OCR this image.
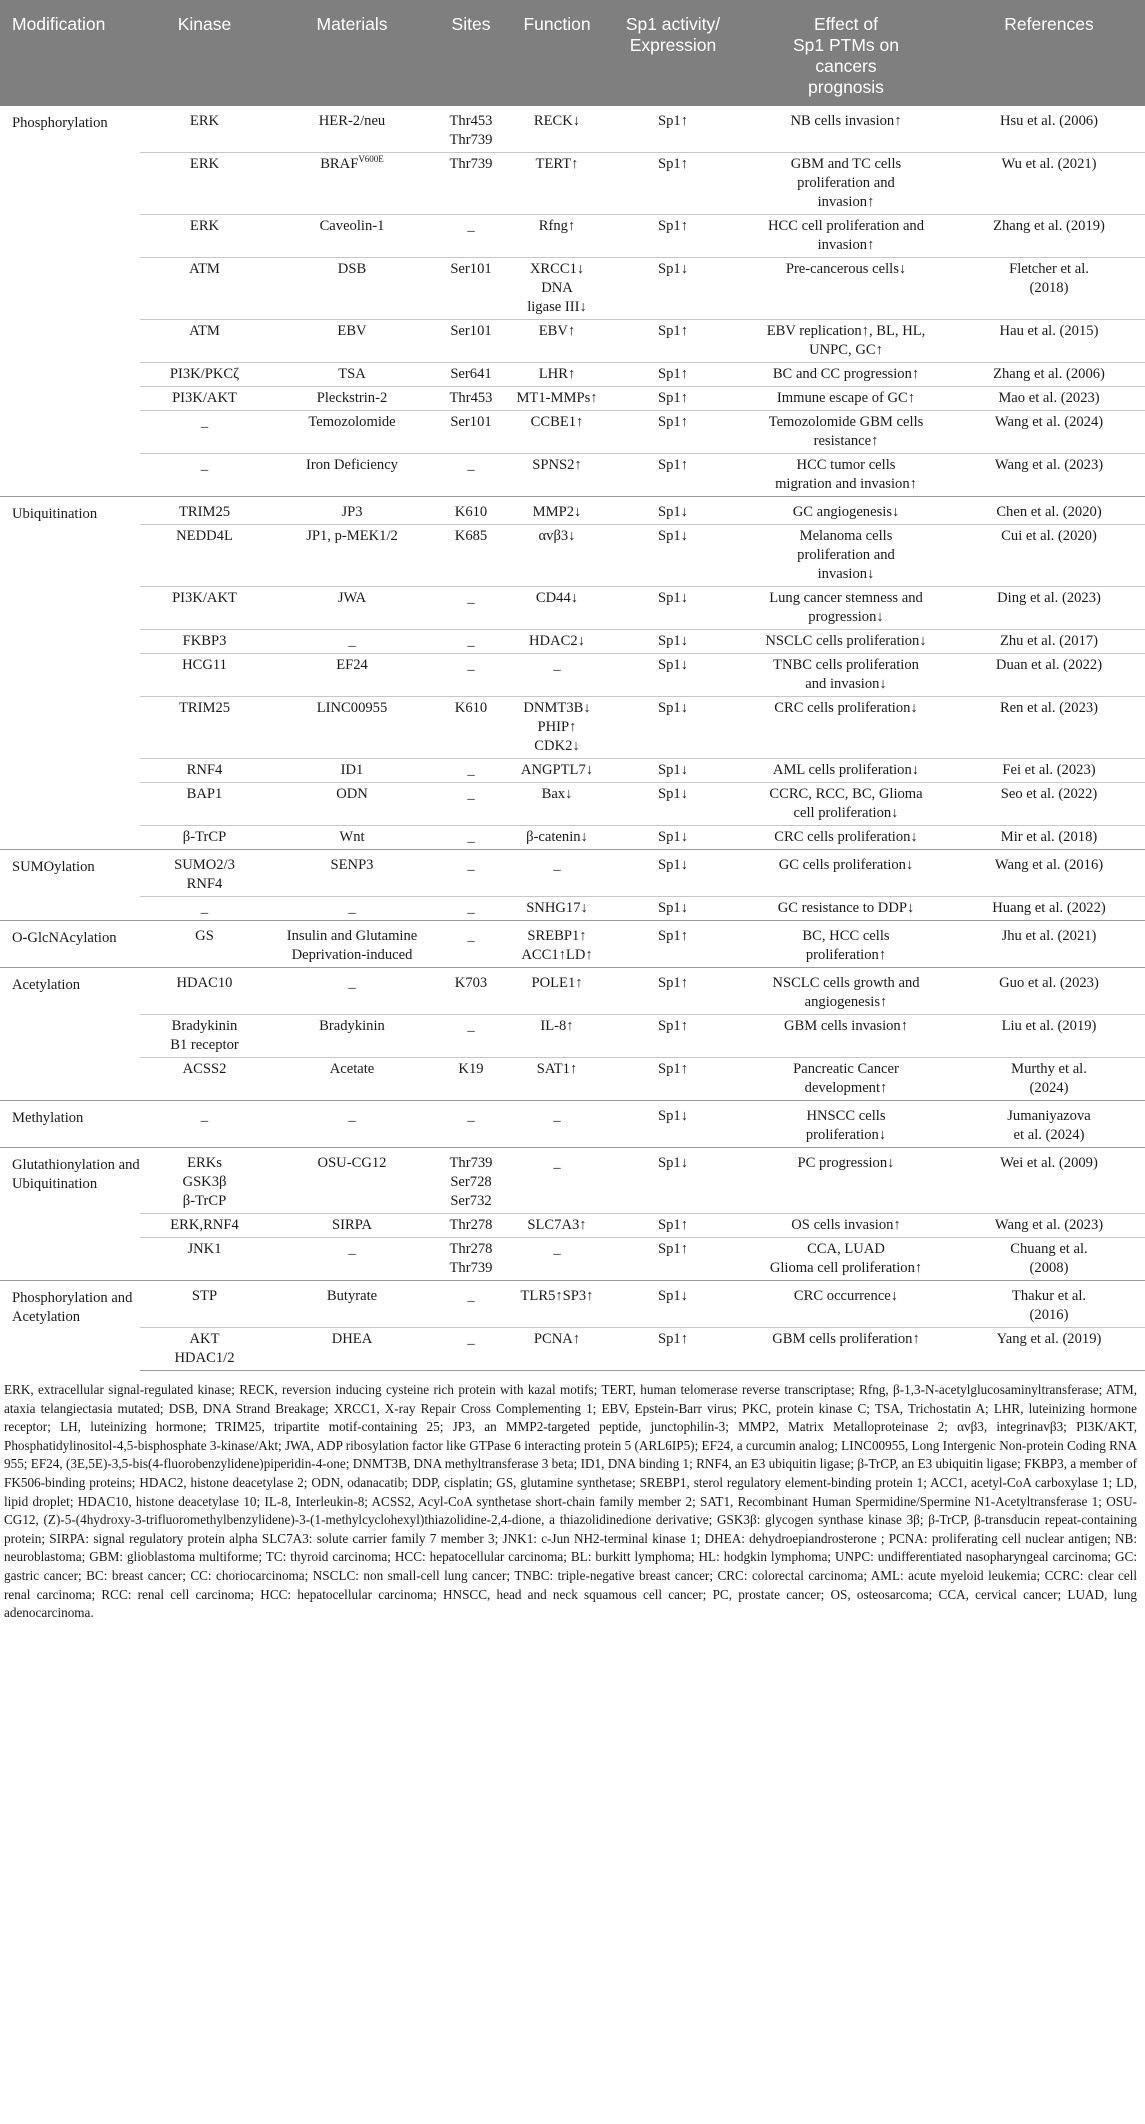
Modification	Kinase	Materials	Sites	Function	Sp1 activity/
Expression	Effect of
Sp1 PTMs on
cancers
prognosis	References

Phosphorylation	ERK	HER-2/neu	Thr453
Thr739	RECK↓	Sp1↑	NB cells invasion↑	Hsu et al. (2006)

	ERK	$BRAF^{V600E}$	Thr739	TERT↑	Sp1↑	GBM and TC cells
proliferation and
invasion↑	Wu et al. (2021)

	ERK	Caveolin-1	_	Rfng↑	Sp1↑	HCC cell proliferation and
invasion↑	Zhang et al. (2019)

	ATM	DSB	Ser101	XRCC1↓
DNA
ligase III↓	Sp1↓	Pre-cancerous cells↓	Fletcher et al.
(2018)

	ATM	EBV	Ser101	EBV↑	Sp1↑	EBV replication↑, BL, HL,
UNPC, GC↑	Hau et al. (2015)

	PI3K/PKCζ	TSA	Ser641	LHR↑	Sp1↑	BC and CC progression↑	Zhang et al. (2006)

	PI3K/AKT	Pleckstrin-2	Thr453	MT1-MMPs↑	Sp1↑	Immune escape of GC↑	Mao et al. (2023)

	_	Temozolomide	Ser101	CCBE1↑	Sp1↑	Temozolomide GBM cells
resistance↑	Wang et al. (2024)

	_	Iron Deficiency	_	SPNS2↑	Sp1↑	HCC tumor cells
migration and invasion↑	Wang et al. (2023)

Ubiquitination	TRIM25	JP3	K610	MMP2↓	Sp1↓	GC angiogenesis↓	Chen et al. (2020)

	NEDD4L	JP1, p-MEK1/2	K685	αvβ3↓	Sp1↓	Melanoma cells
proliferation and
invasion↓	Cui et al. (2020)

	PI3K/AKT	JWA	_	CD44↓	Sp1↓	Lung cancer stemness and
progression↓	Ding et al. (2023)

	FKBP3	_	_	HDAC2↓	Sp1↓	NSCLC cells proliferation↓	Zhu et al. (2017)

	HCG11	EF24	_	_	Sp1↓	TNBC cells proliferation
and invasion↓	Duan et al. (2022)

	TRIM25	LINC00955	K610	DNMT3B↓
PHIP↑
CDK2↓	Sp1↓	CRC cells proliferation↓	Ren et al. (2023)

	RNF4	ID1	_	ANGPTL7↓	Sp1↓	AML cells proliferation↓	Fei et al. (2023)

	BAP1	ODN	_	Bax↓	Sp1↓	CCRC, RCC, BC, Glioma
cell proliferation↓	Seo et al. (2022)

	β-TrCP	Wnt	_	β-catenin↓	Sp1↓	CRC cells proliferation↓	Mir et al. (2018)

SUMOylation	SUMO2/3
RNF4	SENP3	_	_	Sp1↓	GC cells proliferation↓	Wang et al. (2016)

	_	_	_	SNHG17↓	Sp1↓	GC resistance to DDP↓	Huang et al. (2022)

O-GlcNAcylation	GS	Insulin and Glutamine
Deprivation-induced	_	SREBP1↑
ACC1↑LD↑	Sp1↑	BC, HCC cells
proliferation↑	Jhu et al. (2021)

Acetylation	HDAC10	_	K703	POLE1↑	Sp1↑	NSCLC cells growth and
angiogenesis↑	Guo et al. (2023)

	Bradykinin
B1 receptor	Bradykinin	_	IL-8↑	Sp1↑	GBM cells invasion↑	Liu et al. (2019)

	ACSS2	Acetate	K19	SAT1↑	Sp1↑	Pancreatic Cancer
development↑	Murthy et al.
(2024)

Methylation	_	_	_	_	Sp1↓	HNSCC cells
proliferation↓	Jumaniyazova
et al. (2024)

Glutathionylation and
Ubiquitination	ERKs
GSK3β
β-TrCP	OSU-CG12	Thr739
Ser728
Ser732	_	Sp1↓	PC progression↓	Wei et al. (2009)

	ERK,RNF4	SIRPA	Thr278	SLC7A3↑	Sp1↑	OS cells invasion↑	Wang et al. (2023)

	JNK1	_	Thr278
Thr739	_	Sp1↑	CCA, LUAD
Glioma cell proliferation↑	Chuang et al.
(2008)

Phosphorylation and
Acetylation	STP	Butyrate	_	TLR5↑SP3↑	Sp1↓	CRC occurrence↓	Thakur et al.
(2016)

	AKT
HDAC1/2	DHEA	_	PCNA↑	Sp1↑	GBM cells proliferation↑	Yang et al. (2019)
ERK, extracellular signal-regulated kinase; RECK, reversion inducing cysteine rich protein with kazal motifs; TERT, human telomerase reverse transcriptase; Rfng, β-1,3-N-acetylglucosaminyltransferase; ATM, ataxia telangiectasia mutated; DSB, DNA Strand Breakage; XRCC1, X-ray Repair Cross Complementing 1; EBV, Epstein-Barr virus; PKC, protein kinase C; TSA, Trichostatin A; LHR, luteinizing hormone receptor; LH, luteinizing hormone; TRIM25, tripartite motif-containing 25; JP3, an MMP2-targeted peptide, junctophilin-3; MMP2, Matrix Metalloproteinase 2; αvβ3, integrinavβ3; PI3K/AKT, Phosphatidylinositol-4,5-bisphosphate 3-kinase/Akt; JWA, ADP ribosylation factor like GTPase 6 interacting protein 5 (ARL6IP5); EF24, a curcumin analog; LINC00955, Long Intergenic Non-protein Coding RNA 955; EF24, (3E,5E)-3,5-bis(4-fluorobenzylidene)piperidin-4-one; DNMT3B, DNA methyltransferase 3 beta; ID1, DNA binding 1; RNF4, an E3 ubiquitin ligase; β-TrCP, an E3 ubiquitin ligase; FKBP3, a member of FK506-binding proteins; HDAC2, histone deacetylase 2; ODN, odanacatib; DDP, cisplatin; GS, glutamine synthetase; SREBP1, sterol regulatory element-binding protein 1; ACC1, acetyl-CoA carboxylase 1; LD, lipid droplet; HDAC10, histone deacetylase 10; IL-8, Interleukin-8; ACSS2, Acyl-CoA synthetase short-chain family member 2; SAT1, Recombinant Human Spermidine/Spermine N1-Acetyltransferase 1; OSU-CG12, (Z)-5-(4hydroxy-3-trifluoromethylbenzylidene)-3-(1-methylcyclohexyl)thiazolidine-2,4-dione, a thiazolidinedione derivative; GSK3β: glycogen synthase kinase 3β; β-TrCP, β-transducin repeat-containing protein; SIRPA: signal regulatory protein alpha SLC7A3: solute carrier family 7 member 3; JNK1: c-Jun NH2-terminal kinase 1; DHEA: dehydroepiandrosterone ; PCNA: proliferating cell nuclear antigen; NB: neuroblastoma; GBM: glioblastoma multiforme; TC: thyroid carcinoma; HCC: hepatocellular carcinoma; BL: burkitt lymphoma; HL: hodgkin lymphoma; UNPC: undifferentiated nasopharyngeal carcinoma; GC: gastric cancer; BC: breast cancer; CC: choriocarcinoma; NSCLC: non small-cell lung cancer; TNBC: triple-negative breast cancer; CRC: colorectal carcinoma; AML: acute myeloid leukemia; CCRC: clear cell renal carcinoma; RCC: renal cell carcinoma; HCC: hepatocellular carcinoma; HNSCC, head and neck squamous cell cancer; PC, prostate cancer; OS, osteosarcoma; CCA, cervical cancer; LUAD, lung adenocarcinoma.
